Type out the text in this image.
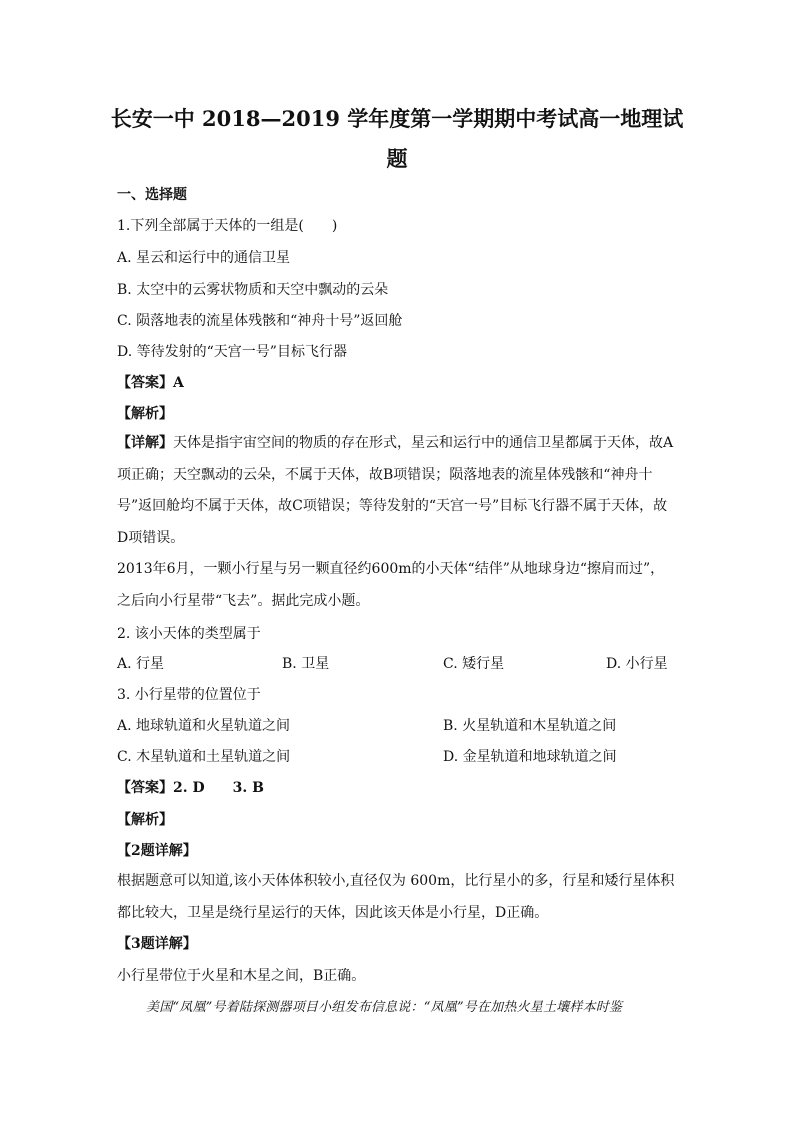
长安一中 2018—2019 学年度第一学期期中考试高一地理试
题
一、选择题
1.下列全部属于天体的一组是(　　)
A. 星云和运行中的通信卫星
B. 太空中的云雾状物质和天空中飘动的云朵
C. 陨落地表的流星体残骸和“神舟十号”返回舱
D. 等待发射的“天宫一号”目标飞行器
【答案】A
【解析】
【详解】天体是指宇宙空间的物质的存在形式，星云和运行中的通信卫星都属于天体，故A项正确；天空飘动的云朵，不属于天体，故B项错误；陨落地表的流星体残骸和“神舟十号”返回舱均不属于天体，故C项错误；等待发射的“天宫一号”目标飞行器不属于天体，故D项错误。
2013年6月，一颗小行星与另一颗直径约600m的小天体“结伴”从地球身边“擦肩而过”，之后向小行星带“飞去”。据此完成小题。
2. 该小天体的类型属于
A. 行星	B. 卫星	C. 矮行星	D. 小行星
3. 小行星带的位置位于
A. 地球轨道和火星轨道之间	B. 火星轨道和木星轨道之间
C. 木星轨道和土星轨道之间	D. 金星轨道和地球轨道之间
【答案】2. D　　3. B
【解析】
【2题详解】
根据题意可以知道,该小天体体积较小,直径仅为 600m，比行星小的多，行星和矮行星体积都比较大，卫星是绕行星运行的天体，因此该天体是小行星，D正确。
【3题详解】
小行星带位于火星和木星之间，B正确。
美国“凤凰”号着陆探测器项目小组发布信息说：“凤凰”号在加热火星土壤样本时鉴
